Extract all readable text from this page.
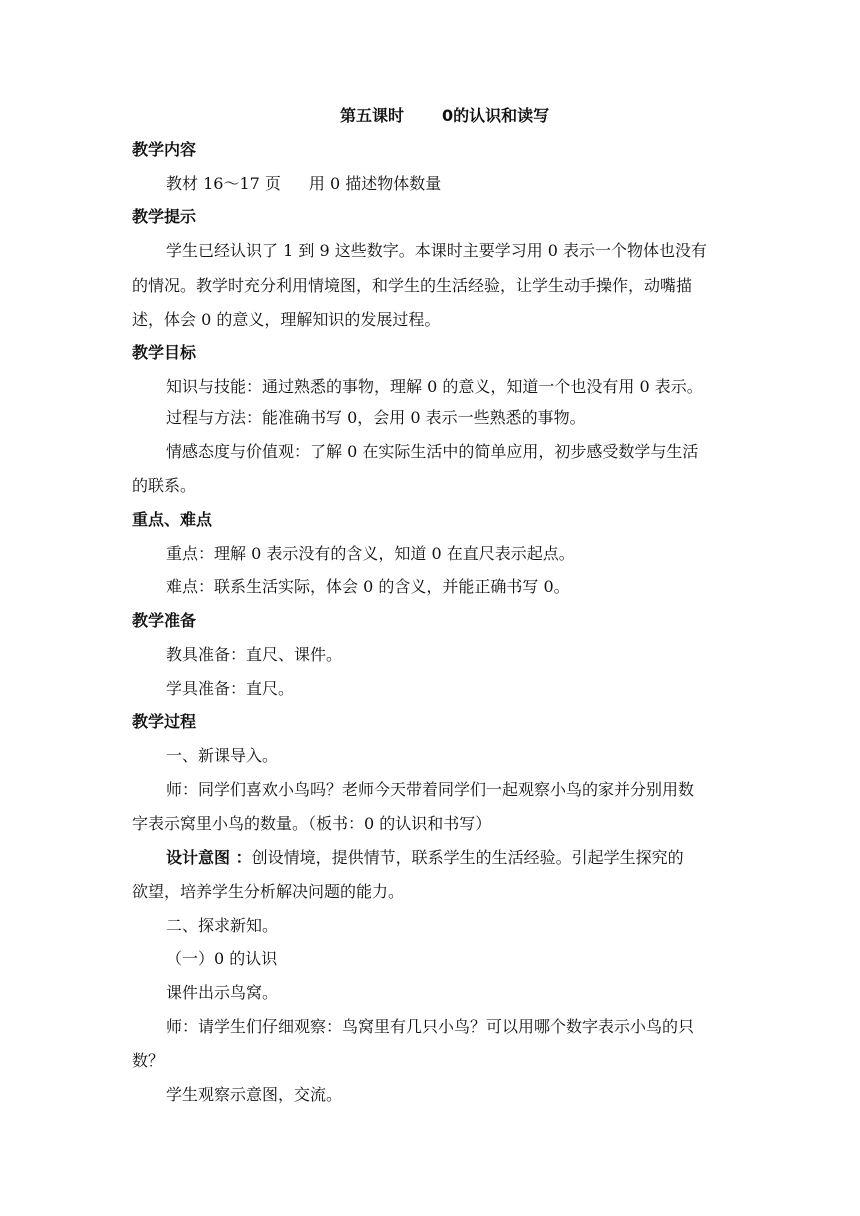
第五课时 0的认识和读写
教学内容
教材 16～17 页 用 0 描述物体数量
教学提示
学生已经认识了 1 到 9 这些数字。本课时主要学习用 0 表示一个物体也没有
的情况。教学时充分利用情境图，和学生的生活经验，让学生动手操作，动嘴描
述，体会 0 的意义，理解知识的发展过程。
教学目标
知识与技能：通过熟悉的事物，理解 0 的意义，知道一个也没有用 0 表示。
过程与方法：能准确书写 0，会用 0 表示一些熟悉的事物。
情感态度与价值观：了解 0 在实际生活中的简单应用，初步感受数学与生活
的联系。
重点、难点
重点：理解 0 表示没有的含义，知道 0 在直尺表示起点。
难点：联系生活实际，体会 0 的含义，并能正确书写 0。
教学准备
教具准备：直尺、课件。
学具准备：直尺。
教学过程
一、新课导入。
师：同学们喜欢小鸟吗？老师今天带着同学们一起观察小鸟的家并分别用数
字表示窝里小鸟的数量。（板书：0 的认识和书写）
设计意图 ：创设情境，提供情节，联系学生的生活经验。引起学生探究的
欲望，培养学生分析解决问题的能力。
二、探求新知。
（一）0 的认识
课件出示鸟窝。
师：请学生们仔细观察：鸟窝里有几只小鸟？可以用哪个数字表示小鸟的只
数？
学生观察示意图，交流。
